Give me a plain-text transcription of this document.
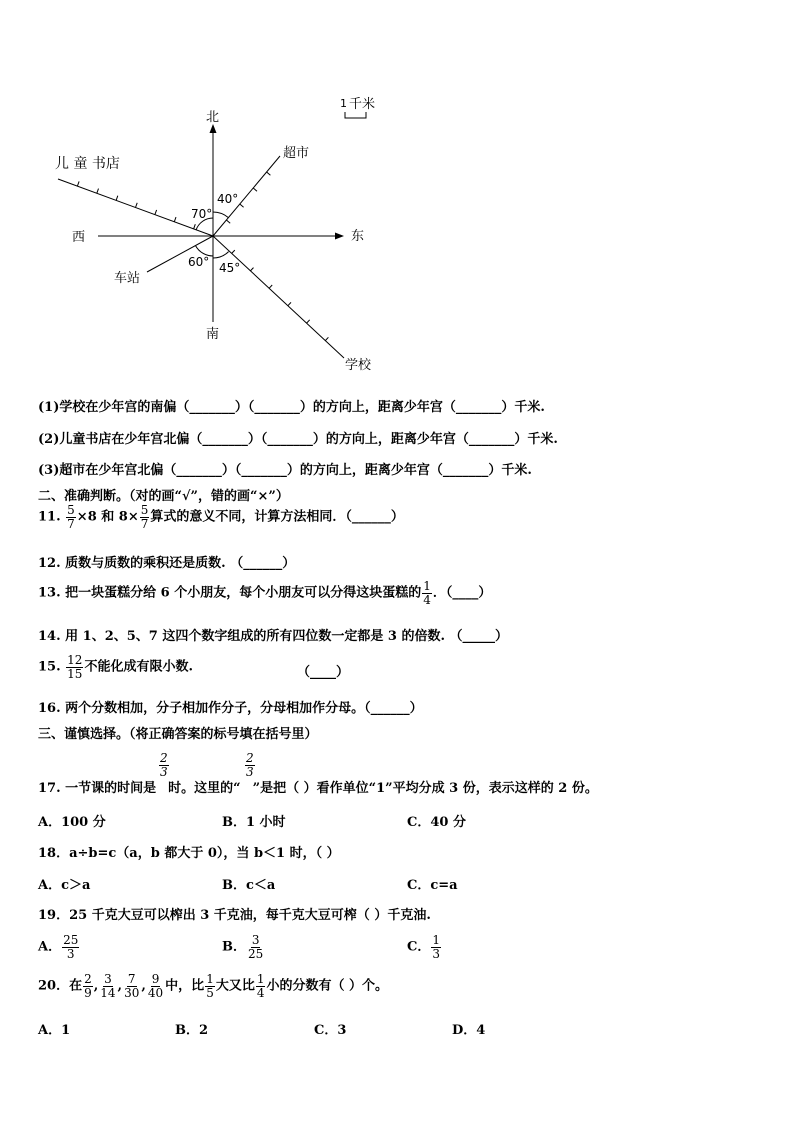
1 千米
北
南
东
西
超市
儿 童 书店
车站
学校
40°
70°
60° 45°
(1)学校在少年宫的南偏（_______）（_______）的方向上，距离少年宫（_______）千米.
(2)儿童书店在少年宫北偏（_______）（_______）的方向上，距离少年宫（_______）千米.
(3)超市在少年宫北偏（_______）（_______）的方向上，距离少年宫（_______）千米.
二、准确判断。（对的画“√”，错的画“×”）
11. $\frac{5}{7} \times 8$ 和 $8\times \frac{5}{7}$ 算式的意义不同，计算方法相同．（______）
12. 质数与质数的乘积还是质数. （______）
13. 把一块蛋糕分给 6 个小朋友，每个小朋友可以分得这块蛋糕的 $\frac{1}{4}$ ．（____）
14. 用 1、2、5、7 这四个数字组成的所有四位数一定都是 3 的倍数. （_____）
15. $\frac{12}{15}$ 不能化成有限小数.	（____）
16. 两个分数相加，分子相加作分子，分母相加作分母。（______）
三、谨慎选择。（将正确答案的标号填在括号里）
$\frac{2}{3}$	$\frac{2}{3}$
17. 一节课的时间是 时。这里的“ ”是把（ ）看作单位“1”平均分成 3 份，表示这样的 2 份。
A．100 分	B．1 小时	C．40 分
18．a÷b=c（a，b 都大于 0），当 b＜1 时，（ ）
A．c＞a	B．c＜a	C．c=a
19．25 千克大豆可以榨出 3 千克油，每千克大豆可榨（ ）千克油.
A． $\frac{25}{3}$	B． $\frac{3}{25}$	C． $\frac{1}{3}$
20．在 $\frac{2}{9}$ , $\frac{3}{14}$ , $\frac{7}{30}$ , $\frac{9}{40}$ 中，比 $\frac{1}{5}$ 大又比 $\frac{1}{4}$ 小的分数有（ ）个。
A．1	B．2	C．3	D．4
